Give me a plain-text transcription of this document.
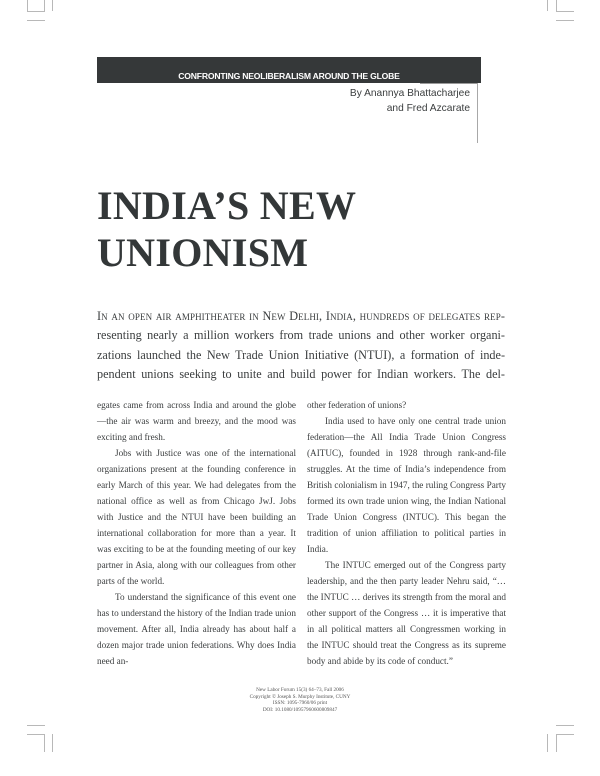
CONFRONTING NEOLIBERALISM AROUND THE GLOBE
By Anannya Bhattacharjee
and Fred Azcarate
INDIA’S NEW
UNIONISM
In an open air amphitheater in New Delhi, India, hundreds of delegates rep-
resenting nearly a million workers from trade unions and other worker organi-
zations launched the New Trade Union Initiative (NTUI), a formation of inde-
pendent unions seeking to unite and build power for Indian workers. The del-

egates came from across India and around the globe—the air was warm and breezy, and the mood was exciting and fresh.

Jobs with Justice was one of the international organizations present at the founding conference in early March of this year. We had delegates from the national office as well as from Chicago JwJ. Jobs with Justice and the NTUI have been building an international collaboration for more than a year. It was exciting to be at the founding meeting of our key partner in Asia, along with our colleagues from other parts of the world.

To understand the significance of this event one has to understand the history of the Indian trade union movement. After all, India already has about half a dozen major trade union federations. Why does India need an-

other federation of unions?

India used to have only one central trade union federation—the All India Trade Union Congress (AITUC), founded in 1928 through rank-and-file struggles. At the time of India’s independence from British colonialism in 1947, the ruling Congress Party formed its own trade union wing, the Indian National Trade Union Congress (INTUC). This began the tradition of union affiliation to political parties in India.

The INTUC emerged out of the Congress party leadership, and the then party leader Nehru said, “…the INTUC … derives its strength from the moral and other support of the Congress … it is imperative that in all political matters all Congressmen working in the INTUC should treat the Congress as its supreme body and abide by its code of conduct.”

New Labor Forum 15(3) 64–73, Fall 2006
Copyright © Joseph S. Murphy Institute, CUNY
ISSN: 1095-7960/06 print
DOI: 10.1080/10957960600809847
